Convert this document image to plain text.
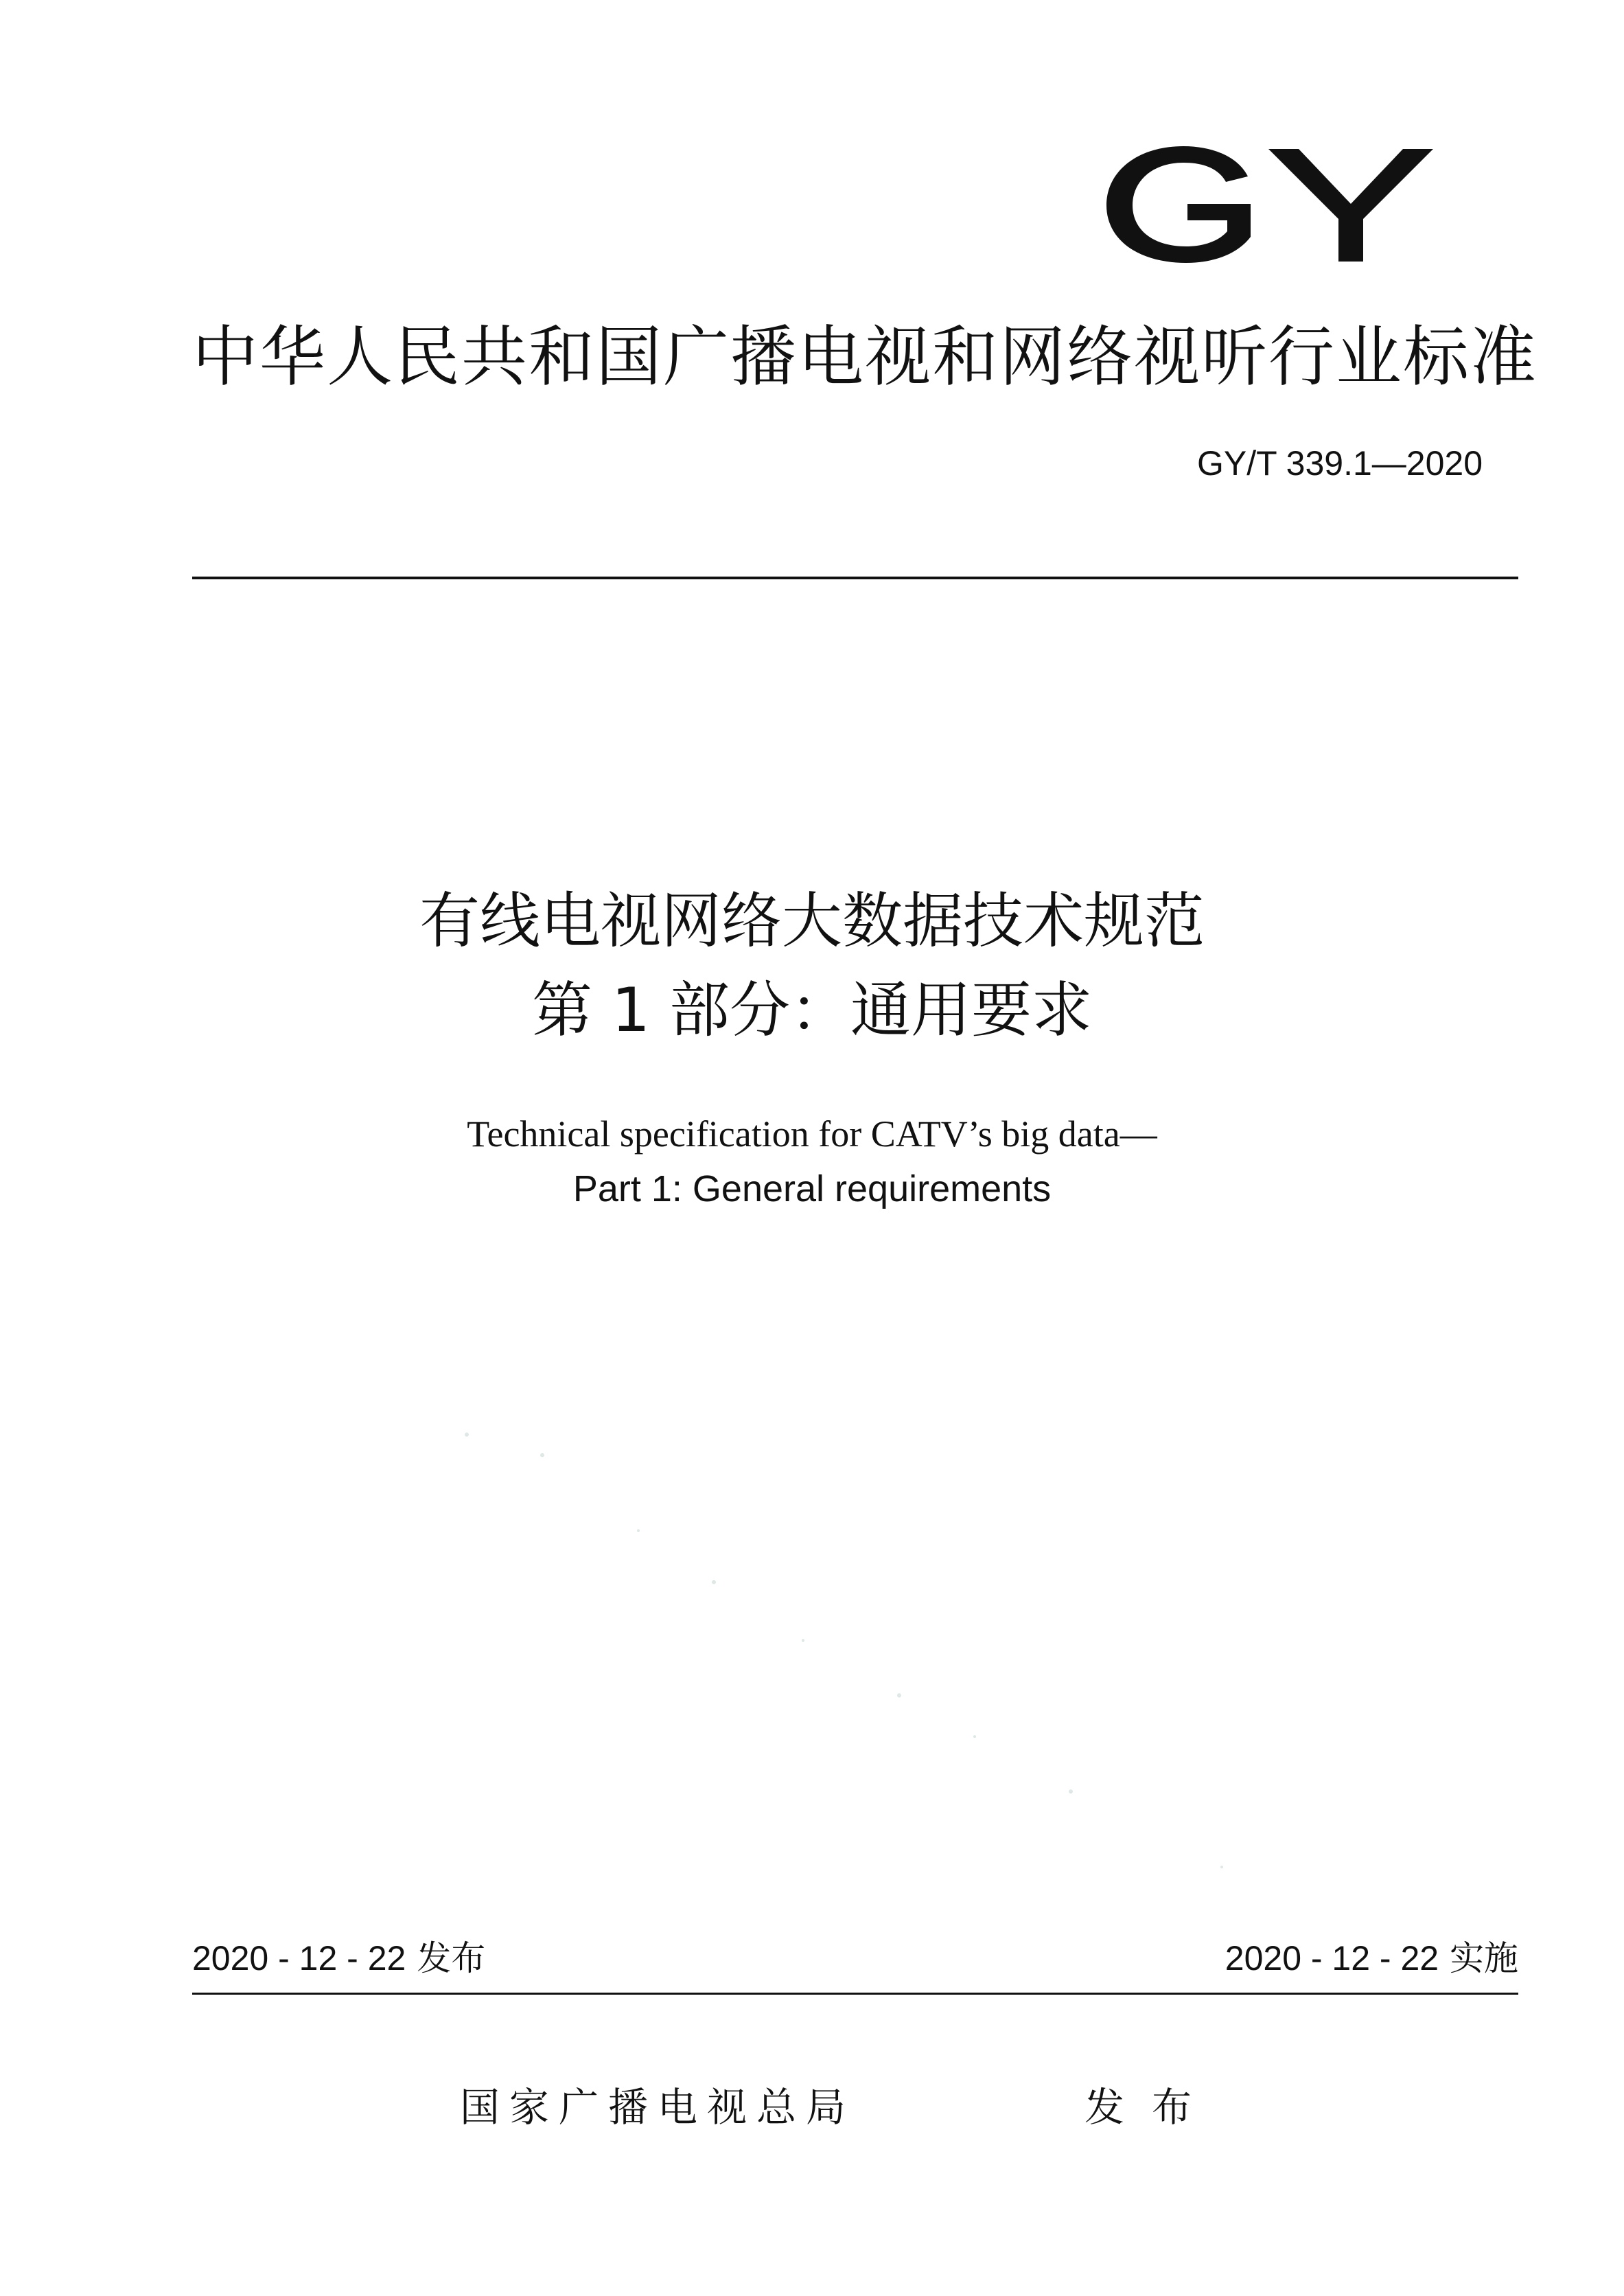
中华人民共和国广播电视和网络视听行业标准
GY/T 339.1—2020
有线电视网络大数据技术规范
第 1 部分：通用要求
Technical specification for CATV’s big data—
Part 1: General requirements
2020 - 12 - 22 发布	2020 - 12 - 22 实施
国家广播电视总局	发布
